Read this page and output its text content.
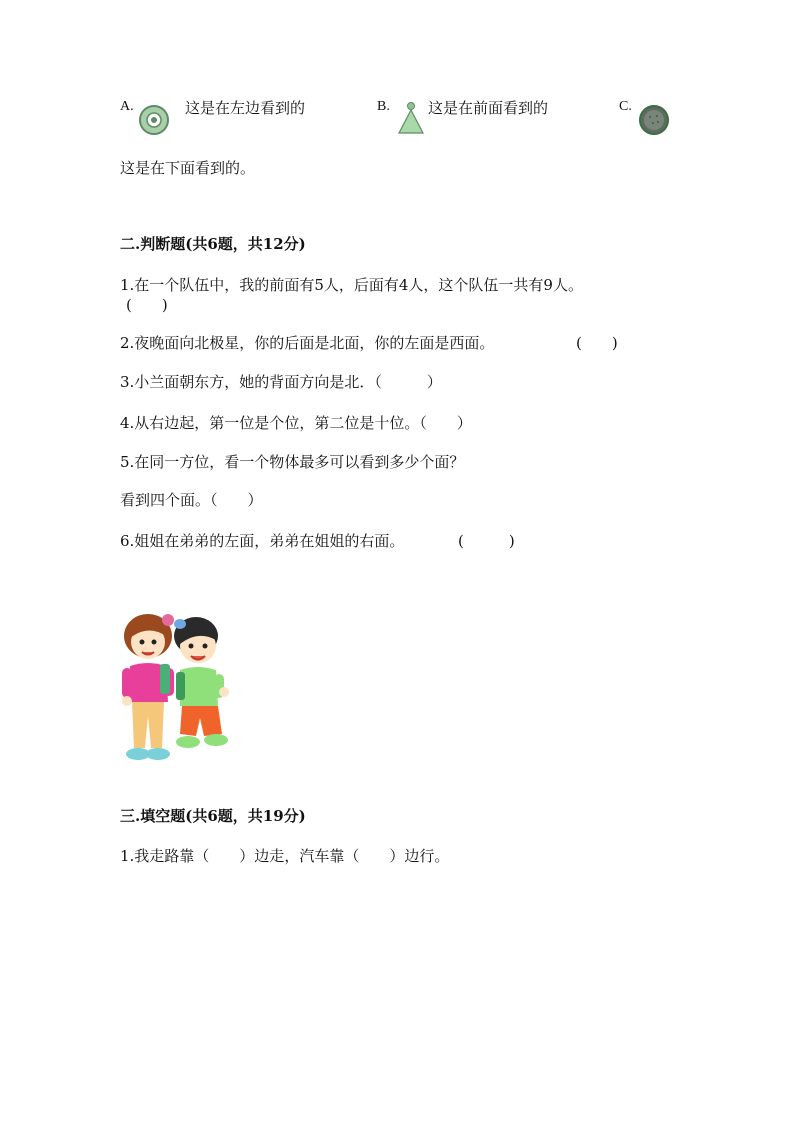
A.	这是在左边看到的	B.	这是在前面看到的	C.
这是在下面看到的。
二.判断题(共6题，共12分)
1.在一个队伍中，我的前面有5人，后面有4人，这个队伍一共有9人。
(　　)
2.夜晚面向北极星，你的后面是北面，你的左面是西面。	(　　)
3.小兰面朝东方，她的背面方向是北．（　　　）
4.从右边起，第一位是个位，第二位是十位。（　　）
5.在同一方位，看一个物体最多可以看到多少个面？
看到四个面。（　　）
6.姐姐在弟弟的左面，弟弟在姐姐的右面。	(　　　)
三.填空题(共6题，共19分)
1.我走路靠（　　）边走，汽车靠（　　）边行。
